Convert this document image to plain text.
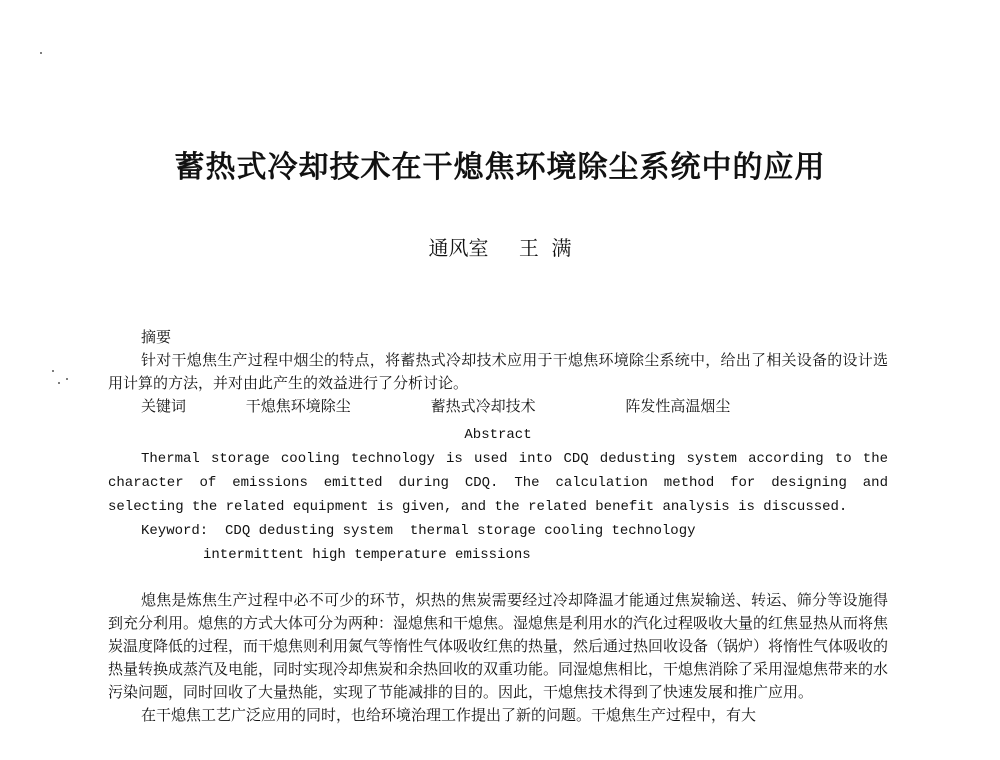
蓄热式冷却技术在干熄焦环境除尘系统中的应用
通风室 王  满

摘要

针对干熄焦生产过程中烟尘的特点，将蓄热式冷却技术应用于干熄焦环境除尘系统中，给出了相关设备的设计选用计算的方法，并对由此产生的效益进行了分析讨论。

关键词	干熄焦环境除尘	蓄热式冷却技术	阵发性高温烟尘

Abstract

Thermal storage cooling technology is used into CDQ dedusting system according to the character of emissions emitted during CDQ. The calculation method for designing and selecting the related equipment is given, and the related benefit analysis is discussed.

Keyword: CDQ dedusting system  thermal storage cooling technology

intermittent high temperature emissions

熄焦是炼焦生产过程中必不可少的环节，炽热的焦炭需要经过冷却降温才能通过焦炭输送、转运、筛分等设施得到充分利用。熄焦的方式大体可分为两种：湿熄焦和干熄焦。湿熄焦是利用水的汽化过程吸收大量的红焦显热从而将焦炭温度降低的过程，而干熄焦则利用氮气等惰性气体吸收红焦的热量，然后通过热回收设备（锅炉）将惰性气体吸收的热量转换成蒸汽及电能，同时实现冷却焦炭和余热回收的双重功能。同湿熄焦相比，干熄焦消除了采用湿熄焦带来的水污染问题，同时回收了大量热能，实现了节能减排的目的。因此，干熄焦技术得到了快速发展和推广应用。

在干熄焦工艺广泛应用的同时，也给环境治理工作提出了新的问题。干熄焦生产过程中，有大
